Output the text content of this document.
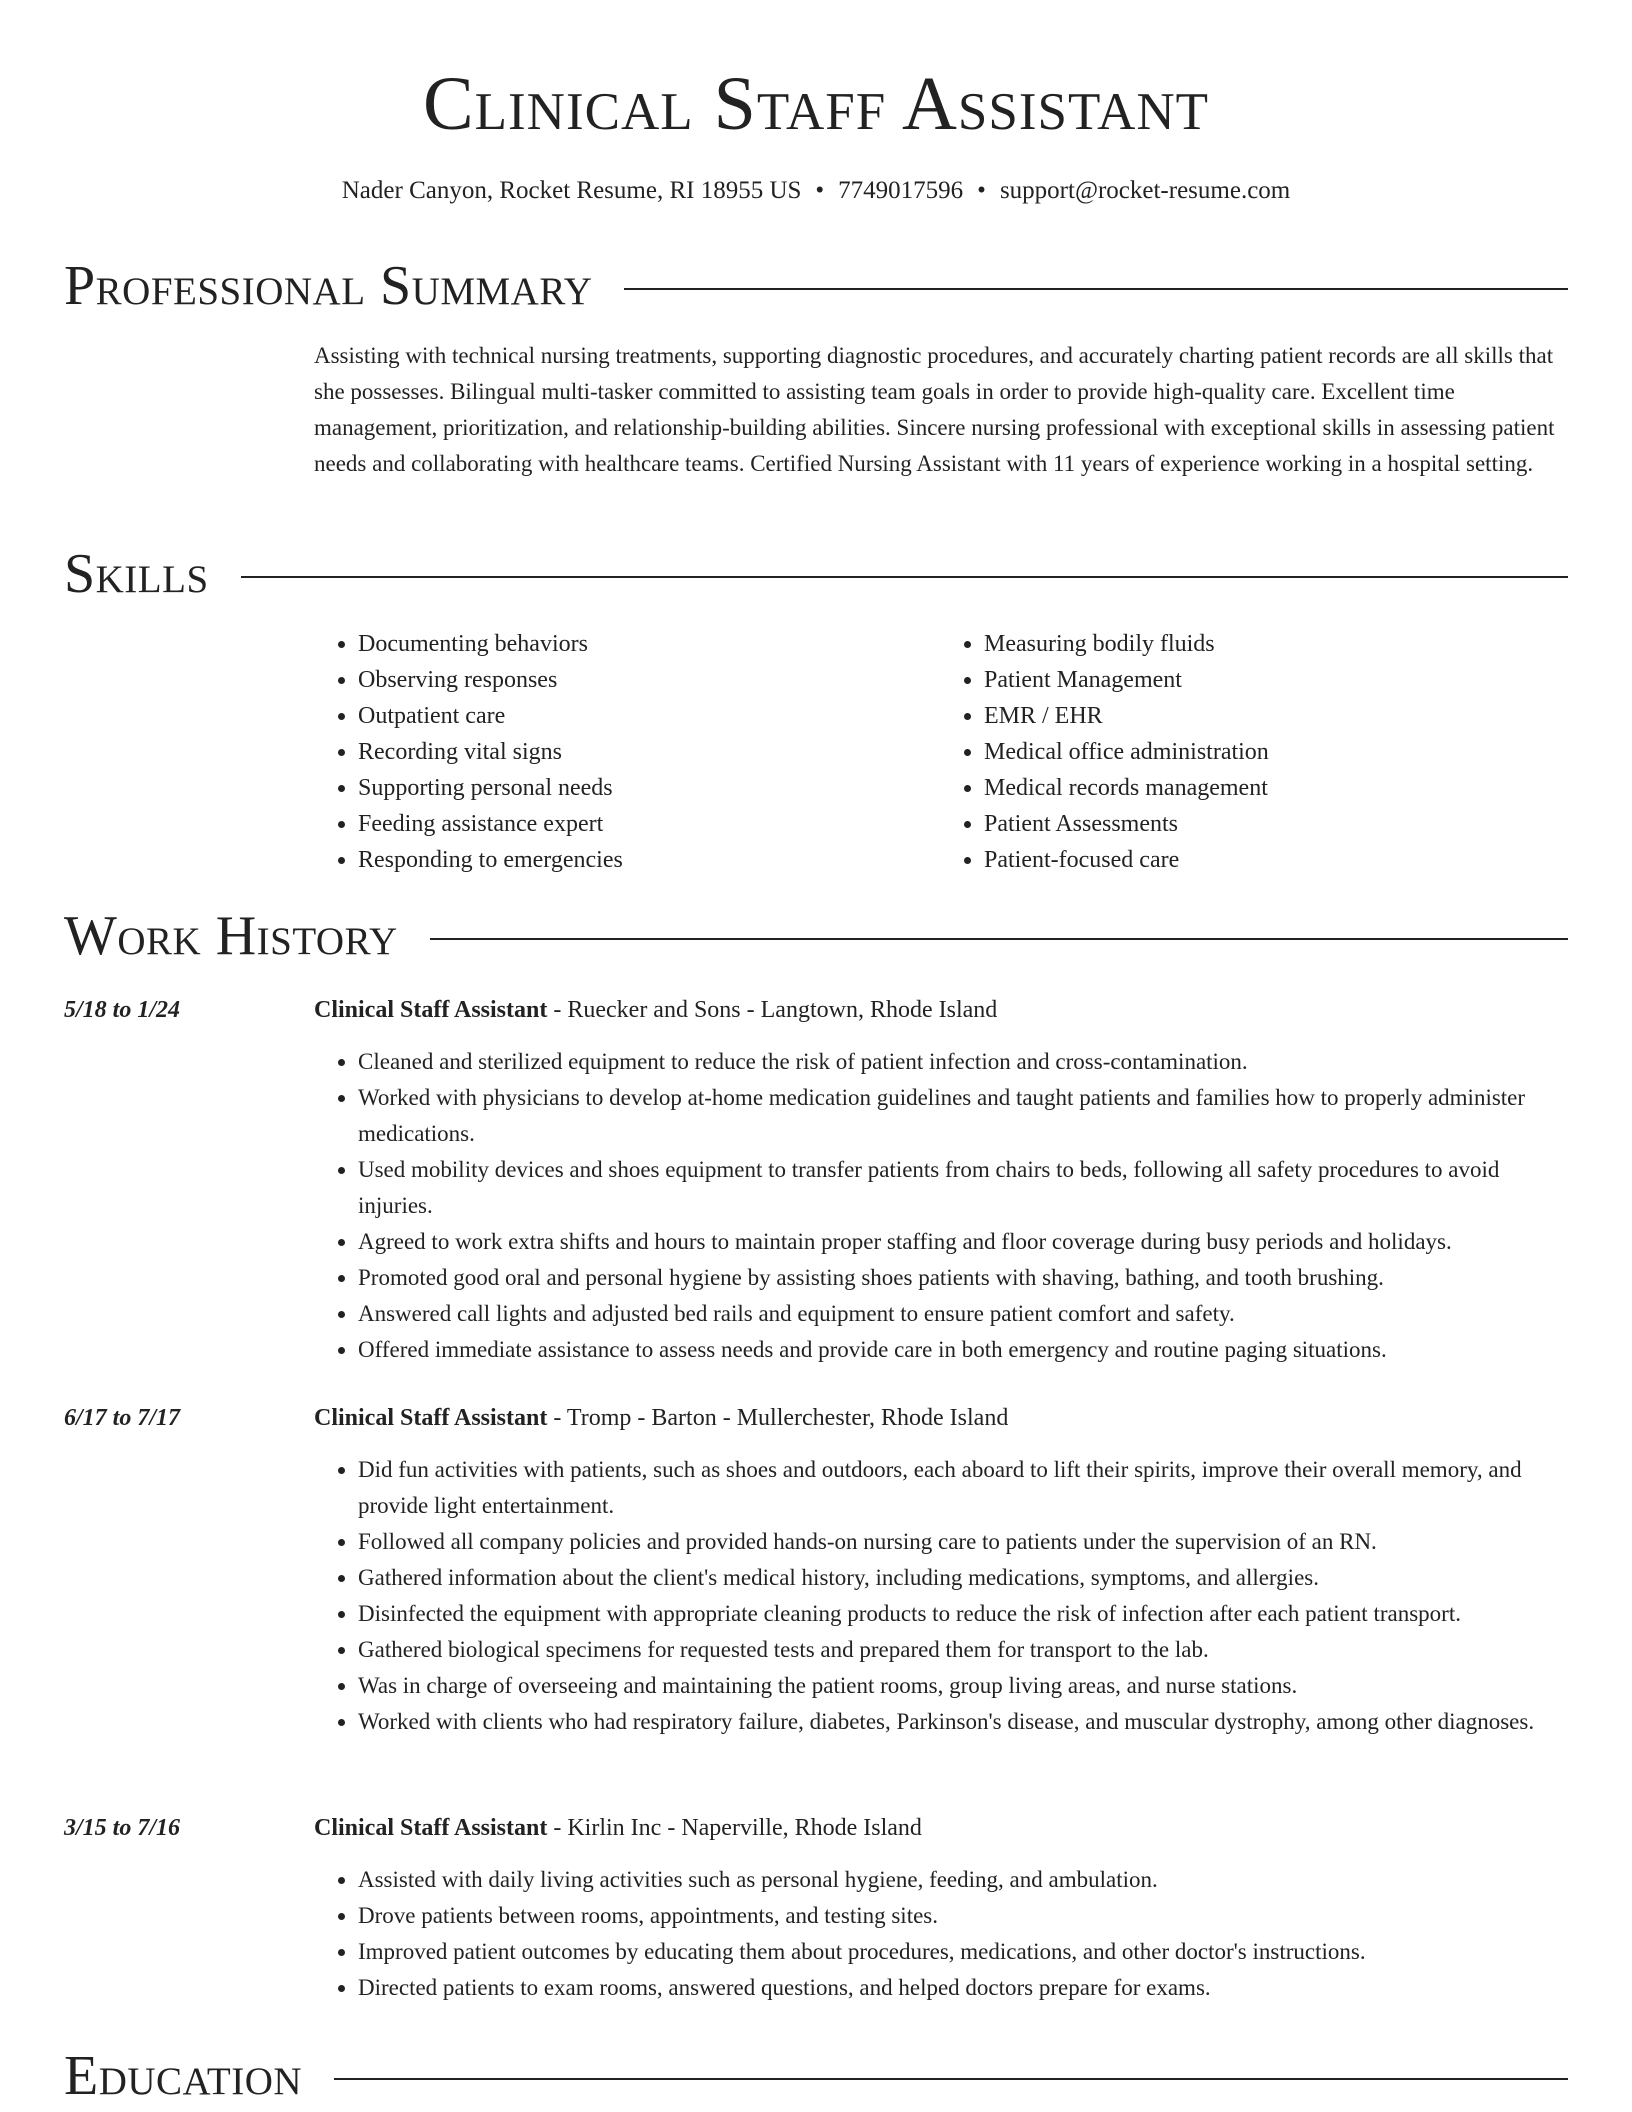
Clinical Staff Assistant
Nader Canyon, Rocket Resume, RI 18955 US • 7749017596 • support@rocket-resume.com
Professional Summary

Assisting with technical nursing treatments, supporting diagnostic procedures, and accurately charting patient records are all skills that she possesses. Bilingual multi-tasker committed to assisting team goals in order to provide high-quality care. Excellent time management, prioritization, and relationship-building abilities. Sincere nursing professional with exceptional skills in assessing patient needs and collaborating with healthcare teams. Certified Nursing Assistant with 11 years of experience working in a hospital setting.

Skills
• Documenting behaviors
• Observing responses
• Outpatient care
• Recording vital signs
• Supporting personal needs
• Feeding assistance expert
• Responding to emergencies
• Measuring bodily fluids
• Patient Management
• EMR / EHR
• Medical office administration
• Medical records management
• Patient Assessments
• Patient-focused care
Work History
5/18 to 1/24	Clinical Staff Assistant - Ruecker and Sons - Langtown, Rhode Island
• Cleaned and sterilized equipment to reduce the risk of patient infection and cross-contamination.
• Worked with physicians to develop at-home medication guidelines and taught patients and families how to properly administer medications.
• Used mobility devices and shoes equipment to transfer patients from chairs to beds, following all safety procedures to avoid injuries.
• Agreed to work extra shifts and hours to maintain proper staffing and floor coverage during busy periods and holidays.
• Promoted good oral and personal hygiene by assisting shoes patients with shaving, bathing, and tooth brushing.
• Answered call lights and adjusted bed rails and equipment to ensure patient comfort and safety.
• Offered immediate assistance to assess needs and provide care in both emergency and routine paging situations.
6/17 to 7/17	Clinical Staff Assistant - Tromp - Barton - Mullerchester, Rhode Island
• Did fun activities with patients, such as shoes and outdoors, each aboard to lift their spirits, improve their overall memory, and provide light entertainment.
• Followed all company policies and provided hands-on nursing care to patients under the supervision of an RN.
• Gathered information about the client's medical history, including medications, symptoms, and allergies.
• Disinfected the equipment with appropriate cleaning products to reduce the risk of infection after each patient transport.
• Gathered biological specimens for requested tests and prepared them for transport to the lab.
• Was in charge of overseeing and maintaining the patient rooms, group living areas, and nurse stations.
• Worked with clients who had respiratory failure, diabetes, Parkinson's disease, and muscular dystrophy, among other diagnoses.
3/15 to 7/16	Clinical Staff Assistant - Kirlin Inc - Naperville, Rhode Island
• Assisted with daily living activities such as personal hygiene, feeding, and ambulation.
• Drove patients between rooms, appointments, and testing sites.
• Improved patient outcomes by educating them about procedures, medications, and other doctor's instructions.
• Directed patients to exam rooms, answered questions, and helped doctors prepare for exams.
Education
